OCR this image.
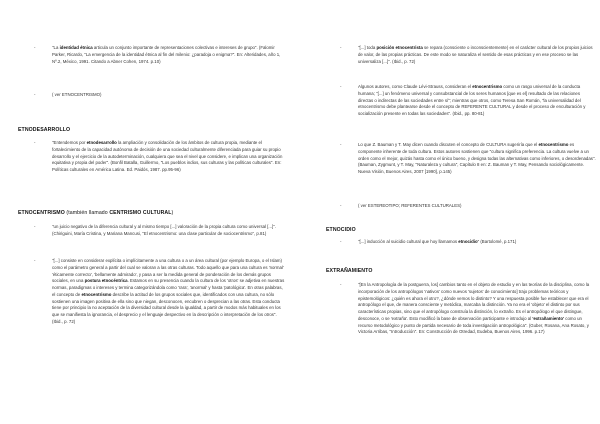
-	"La identidad étnica articula un conjunto importante de representaciones colectivas e intereses de grupo". (Falomir Parker, Ricardo, "La emergencia de la identidad étnica al fin del milenio: ¿paradoja o enigma?". En: Alteridades, año 1, Nº.2, México, 1991. Citando a Abner Cohen, 1974. p.10)
-	( ver ETNOCENTRISMO)
ETNODESARROLLO
-	"Entendemos por etnodesarrollo la ampliación y consolidación de los ámbitos de cultura propia, mediante el fortalecimiento de la capacidad autónoma de decisión de una sociedad culturalmente diferenciada para guiar su propio desarrollo y el ejercicio de la autodeterminación, cualquiera que sea el nivel que considere, e implican una organización equitativa y propia del poder". (Bonfil Batalla, Guillermo, "Los pueblos indios, sus culturas y las políticas culturales". En: Políticas culturales en América Latina. Ed. Paidós, 1987. pp.95-96)
ETNOCENTRISMO (también llamado CENTRISMO CULTURAL)
-	"un juicio negativo de la diferencia cultural y al mismo tiempo [...] valoración de la propia cultura como universal [...]". (Chiriguini, María Cristina, y Mariana Mancusi, "El etnocentrismo: una clase particular de sociocentrismo", p.81)
-	"[...] consiste en considerar explícita o implícitamente a una cultura o a un área cultural (por ejemplo Europa, o el Islam) como el parámetro general a partir del cual se valoran a las otras culturas. Todo aquello que para una cultura es 'normal' 'éticamente correcto', 'bellamente admirado', y pasa a ser la medida general de ponderación de los demás grupos sociales, en una postura etnocéntrica. Estamos en su presencia cuando la cultura de los 'otros' se adjetiva en nuestras normas, paradigmas o intereses y termina categorizándola como 'rara', 'anormal' y hasta 'patológica'. En otras palabras, el concepto de etnocentrismo describe la actitud de los grupos sociales que, identificados con una cultura, no sólo sostienen una imagen positiva de ella sino que niegan, desconocen, encubren o desprecian a las otras. Esta conducta tiene por principio la no aceptación de la diversidad cultural desde la igualdad, a partir de modos más habituales en los que se manifiesta la ignorancia, el desprecio y el lenguaje despectivo en la descripción o interpretación de los otros". (Ibid., p. 72)
-	"[...] toda posición etnocentrista se repara (consciente o inconscientemente) en el carácter cultural de los propios juicios de valor, de las propias prácticas. De este modo se naturaliza el sentido de esas prácticas y en ese proceso se las universaliza [...]". (Ibid., p. 72)
-	Algunos autores, como Claude Lévi-Strauss, consideran el etnocentrismo como un rasgo universal de la conducta humana; "[...] un fenómeno universal y consubstancial de los seres humanos [que es el] resultado de las relaciones directas o indirectas de las sociedades entre sí"; mientras que otros, como Teresa San Román, "la universalidad del etnocentrismo debe plantearse desde el concepto de REFERENTE CULTURAL y desde el proceso de enculturación y socialización presente en todas las sociedades". (Ibid., pp. 80-81)
-	Lo que Z. Bauman y T. May dicen cuando discuten el concepto de CULTURA sugeriría que el etnocentrismo es componente inherente de toda cultura. Estos autores sostienen que "cultura significa preferencia. La cultura vuelve a un orden como el mejor, quizás hasta como el único bueno, y designa todas las alternativas como inferiores, o desordenadas". (Bauman, Zygmunt, y T. May, "Naturaleza y cultura", Capítulo 8 en: Z. Bauman y T. May, Pensando sociológicamente. Nueva Visión, Buenos Aires, 2007 [1990], p.145)
-	( ver ESTEREOTIPO; REFERENTES CULTURALES)
ETNOCIDIO
-	"[...] inducción al suicidio cultural que hoy llamamos etnocidio" (Bartolomé, p.171)
EXTRAÑAMIENTO
-	"[En la Antropología de la postguerra, los] cambios tanto en el objeto de estudio y en las teorías de la disciplina, como la incorporación de los antropólogos 'nativos' como nuevos 'sujetos' de conocimiento] trajo problemas teóricos y epistemológicos: ¿quién es ahora el otro?, ¿dónde vemos lo distinto? Y una respuesta posible fue establecer que era el antropólogo el que, de manera consciente y metódica, marcaba la distinción. Ya no era el 'objeto' el distinto por sus características propias, sino que el antropólogo construía la distinción, lo extraño. Es el antropólogo el que distingue, desconoce, o se 'extraña'. Esto modificó la base de observación participante e introdujo al 'extrañamiento' como un recurso metodológico y punto de partida necesario de toda investigación antropológica". (Guber, Rosana, Ana Rosato, y Victoria Arribas, "Introducción". En: Construcción de Otredad, Eudeba, Buenos Aires, 1996. p.17)
